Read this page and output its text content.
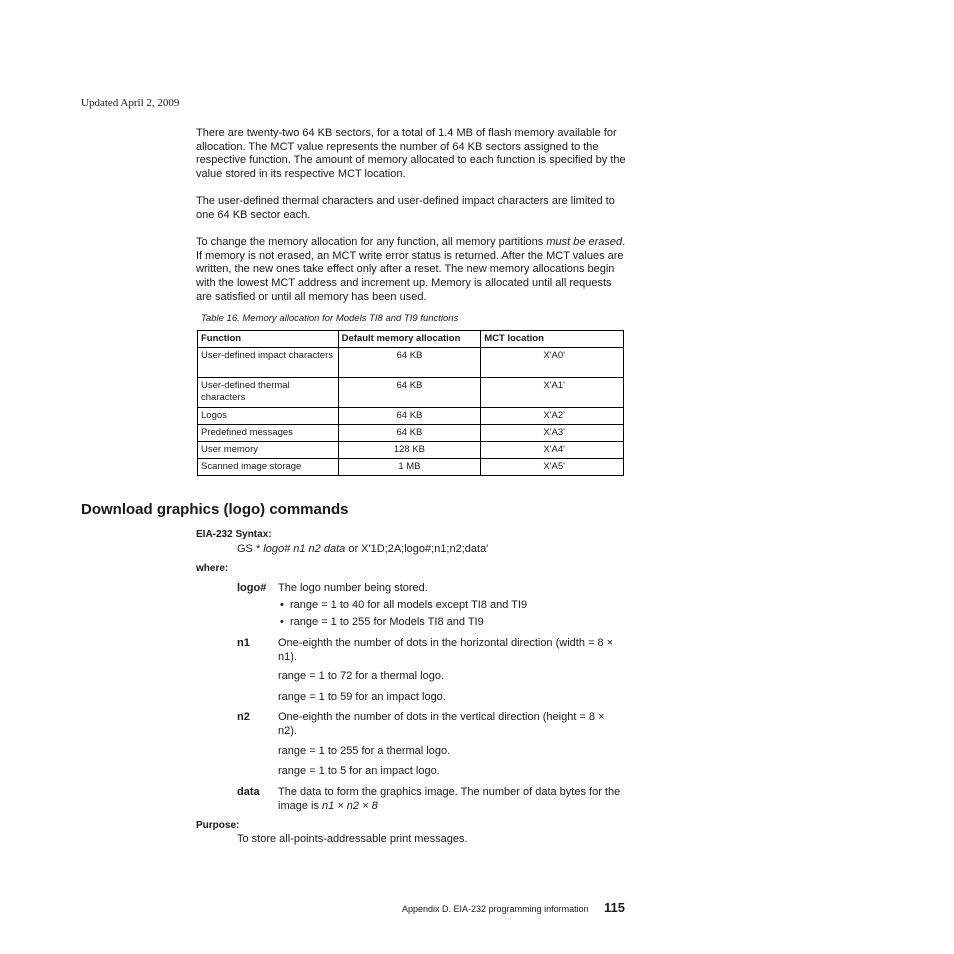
Updated April 2, 2009

There are twenty-two 64 KB sectors, for a total of 1.4 MB of flash memory available for allocation. The MCT value represents the number of 64 KB sectors assigned to the respective function. The amount of memory allocated to each function is specified by the value stored in its respective MCT location.

The user-defined thermal characters and user-defined impact characters are limited to one 64 KB sector each.

To change the memory allocation for any function, all memory partitions must be erased. If memory is not erased, an MCT write error status is returned. After the MCT values are written, the new ones take effect only after a reset. The new memory allocations begin with the lowest MCT address and increment up. Memory is allocated until all requests are satisfied or until all memory has been used.

Table 16. Memory allocation for Models TI8 and TI9 functions
Function	Default memory allocation	MCT location
User-defined impact characters	64 KB	X'A0'
User-defined thermal characters	64 KB	X'A1'
Logos	64 KB	X'A2'
Predefined messages	64 KB	X'A3'
User memory	128 KB	X'A4'
Scanned image storage	1 MB	X'A5'
Download graphics (logo) commands
EIA-232 Syntax:
GS * logo# n1 n2 data or X'1D;2A;logo#;n1;n2;data'
where:
logo# The logo number being stored.
•  range = 1 to 40 for all models except TI8 and TI9
•  range = 1 to 255 for Models TI8 and TI9
n1	One-eighth the number of dots in the horizontal direction (width = 8 × n1).
range = 1 to 72 for a thermal logo.
range = 1 to 59 for an impact logo.
n2	One-eighth the number of dots in the vertical direction (height = 8 × n2).
range = 1 to 255 for a thermal logo.
range = 1 to 5 for an impact logo.
data The data to form the graphics image. The number of data bytes for the image is n1 × n2 × 8
Purpose:
To store all-points-addressable print messages.
Appendix D. EIA-232 programming information 115
